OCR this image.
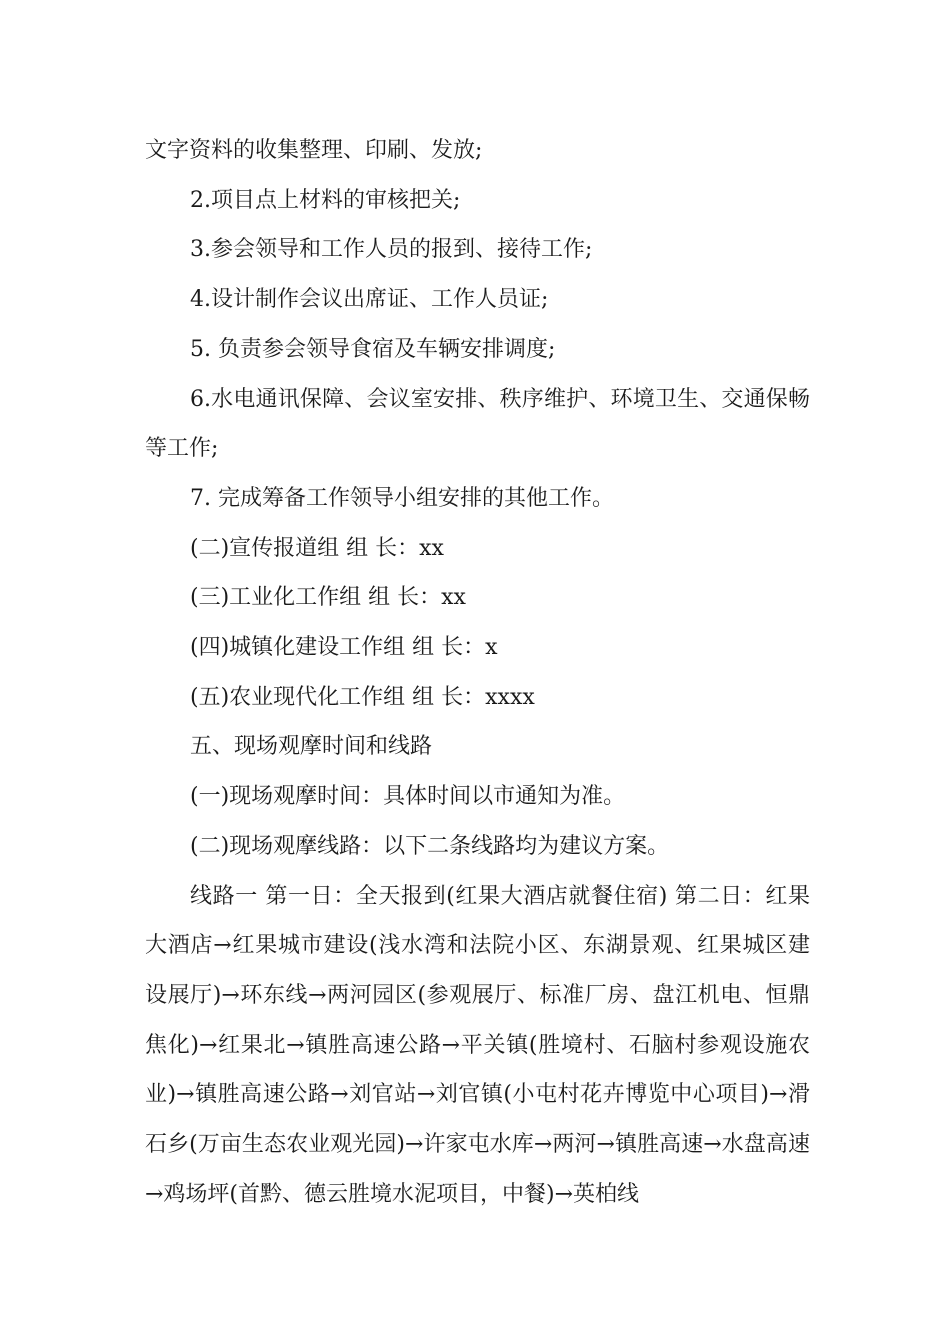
文字资料的收集整理、印刷、发放;

2.项目点上材料的审核把关;

3.参会领导和工作人员的报到、接待工作;

4.设计制作会议出席证、工作人员证;

5. 负责参会领导食宿及车辆安排调度;

6.水电通讯保障、会议室安排、秩序维护、环境卫生、交通保畅等工作;

7. 完成筹备工作领导小组安排的其他工作。

(二)宣传报道组 组 长：xx

(三)工业化工作组 组 长：xx

(四)城镇化建设工作组 组 长：x

(五)农业现代化工作组 组 长：xxxx

五、现场观摩时间和线路

(一)现场观摩时间：具体时间以市通知为准。

(二)现场观摩线路：以下二条线路均为建议方案。

线路一 第一日：全天报到(红果大酒店就餐住宿) 第二日：红果大酒店→红果城市建设(浅水湾和法院小区、东湖景观、红果城区建设展厅)→环东线→两河园区(参观展厅、标准厂房、盘江机电、恒鼎焦化)→红果北→镇胜高速公路→平关镇(胜境村、石脑村参观设施农业)→镇胜高速公路→刘官站→刘官镇(小屯村花卉博览中心项目)→滑石乡(万亩生态农业观光园)→许家屯水库→两河→镇胜高速→水盘高速→鸡场坪(首黔、德云胜境水泥项目，中餐)→英柏线
